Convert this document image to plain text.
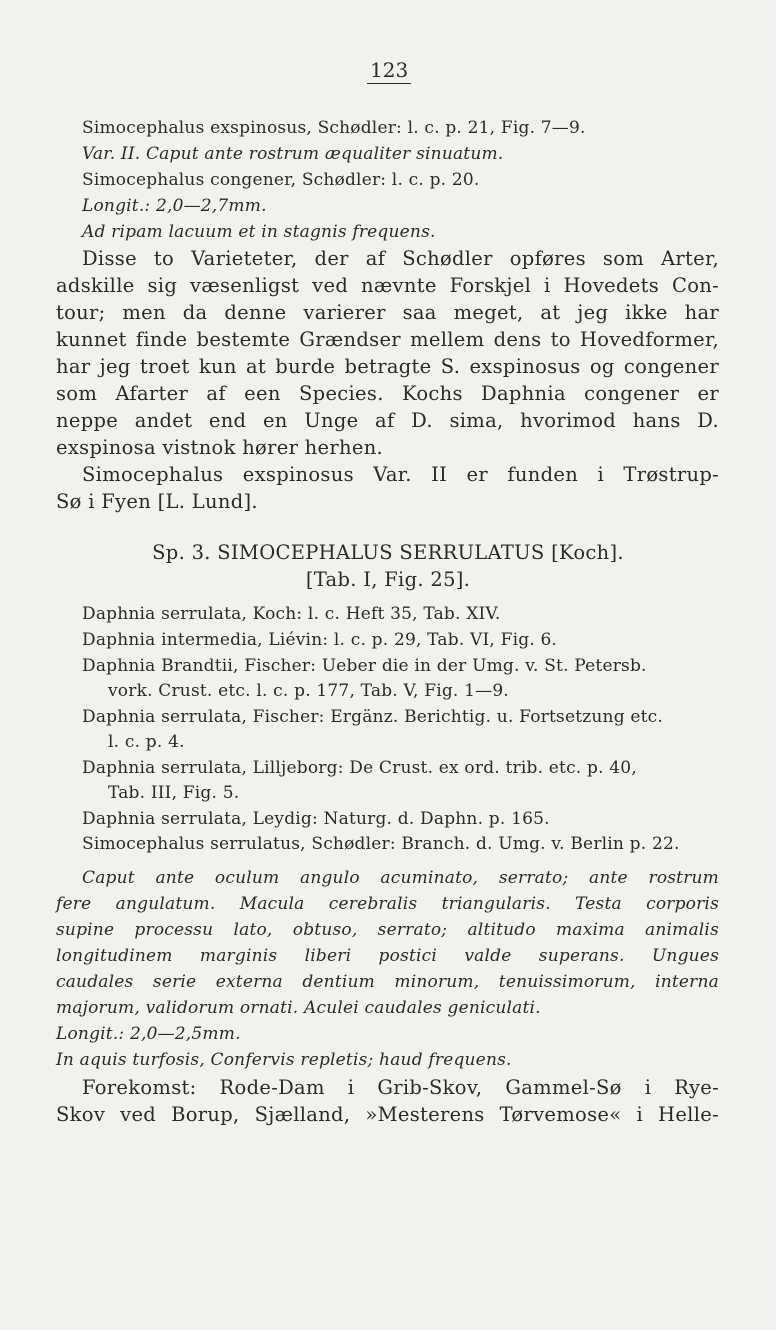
123
Simocephalus exspinosus, Schødler: l. c. p. 21, Fig. 7—9.
Var. II. Caput ante rostrum æqualiter sinuatum.
Simocephalus congener, Schødler: l. c. p. 20.
Longit.: 2,0—2,7mm.
Ad ripam lacuum et in stagnis frequens.
Disse to Varieteter, der af Schødler opføres som Arter,
adskille sig væsenligst ved nævnte Forskjel i Hovedets Con-
tour; men da denne varierer saa meget, at jeg ikke har
kunnet finde bestemte Grændser mellem dens to Hovedformer,
har jeg troet kun at burde betragte S. exspinosus og congener
som Afarter af een Species. Kochs Daphnia congener er
neppe andet end en Unge af D. sima, hvorimod hans D.
exspinosa vistnok hører herhen.
Simocephalus exspinosus Var. II er funden i Trøstrup-
Sø i Fyen [L. Lund].
Sp. 3. SIMOCEPHALUS SERRULATUS [Koch].
[Tab. I, Fig. 25].
Daphnia serrulata, Koch: l. c. Heft 35, Tab. XIV.
Daphnia intermedia, Liévin: l. c. p. 29, Tab. VI, Fig. 6.
Daphnia Brandtii, Fischer: Ueber die in der Umg. v. St. Petersb.
vork. Crust. etc. l. c. p. 177, Tab. V, Fig. 1—9.
Daphnia serrulata, Fischer: Ergänz. Berichtig. u. Fortsetzung etc.
l. c. p. 4.
Daphnia serrulata, Lilljeborg: De Crust. ex ord. trib. etc. p. 40,
Tab. III, Fig. 5.
Daphnia serrulata, Leydig: Naturg. d. Daphn. p. 165.
Simocephalus serrulatus, Schødler: Branch. d. Umg. v. Berlin p. 22.
Caput ante oculum angulo acuminato, serrato; ante rostrum
fere angulatum. Macula cerebralis triangularis. Testa corporis
supine processu lato, obtuso, serrato; altitudo maxima animalis
longitudinem marginis liberi postici valde superans. Ungues
caudales serie externa dentium minorum, tenuissimorum, interna
majorum, validorum ornati. Aculei caudales geniculati.
Longit.: 2,0—2,5mm.
In aquis turfosis, Confervis repletis; haud frequens.
Forekomst: Rode-Dam i Grib-Skov, Gammel-Sø i Rye-
Skov ved Borup, Sjælland, »Mesterens Tørvemose« i Helle-
